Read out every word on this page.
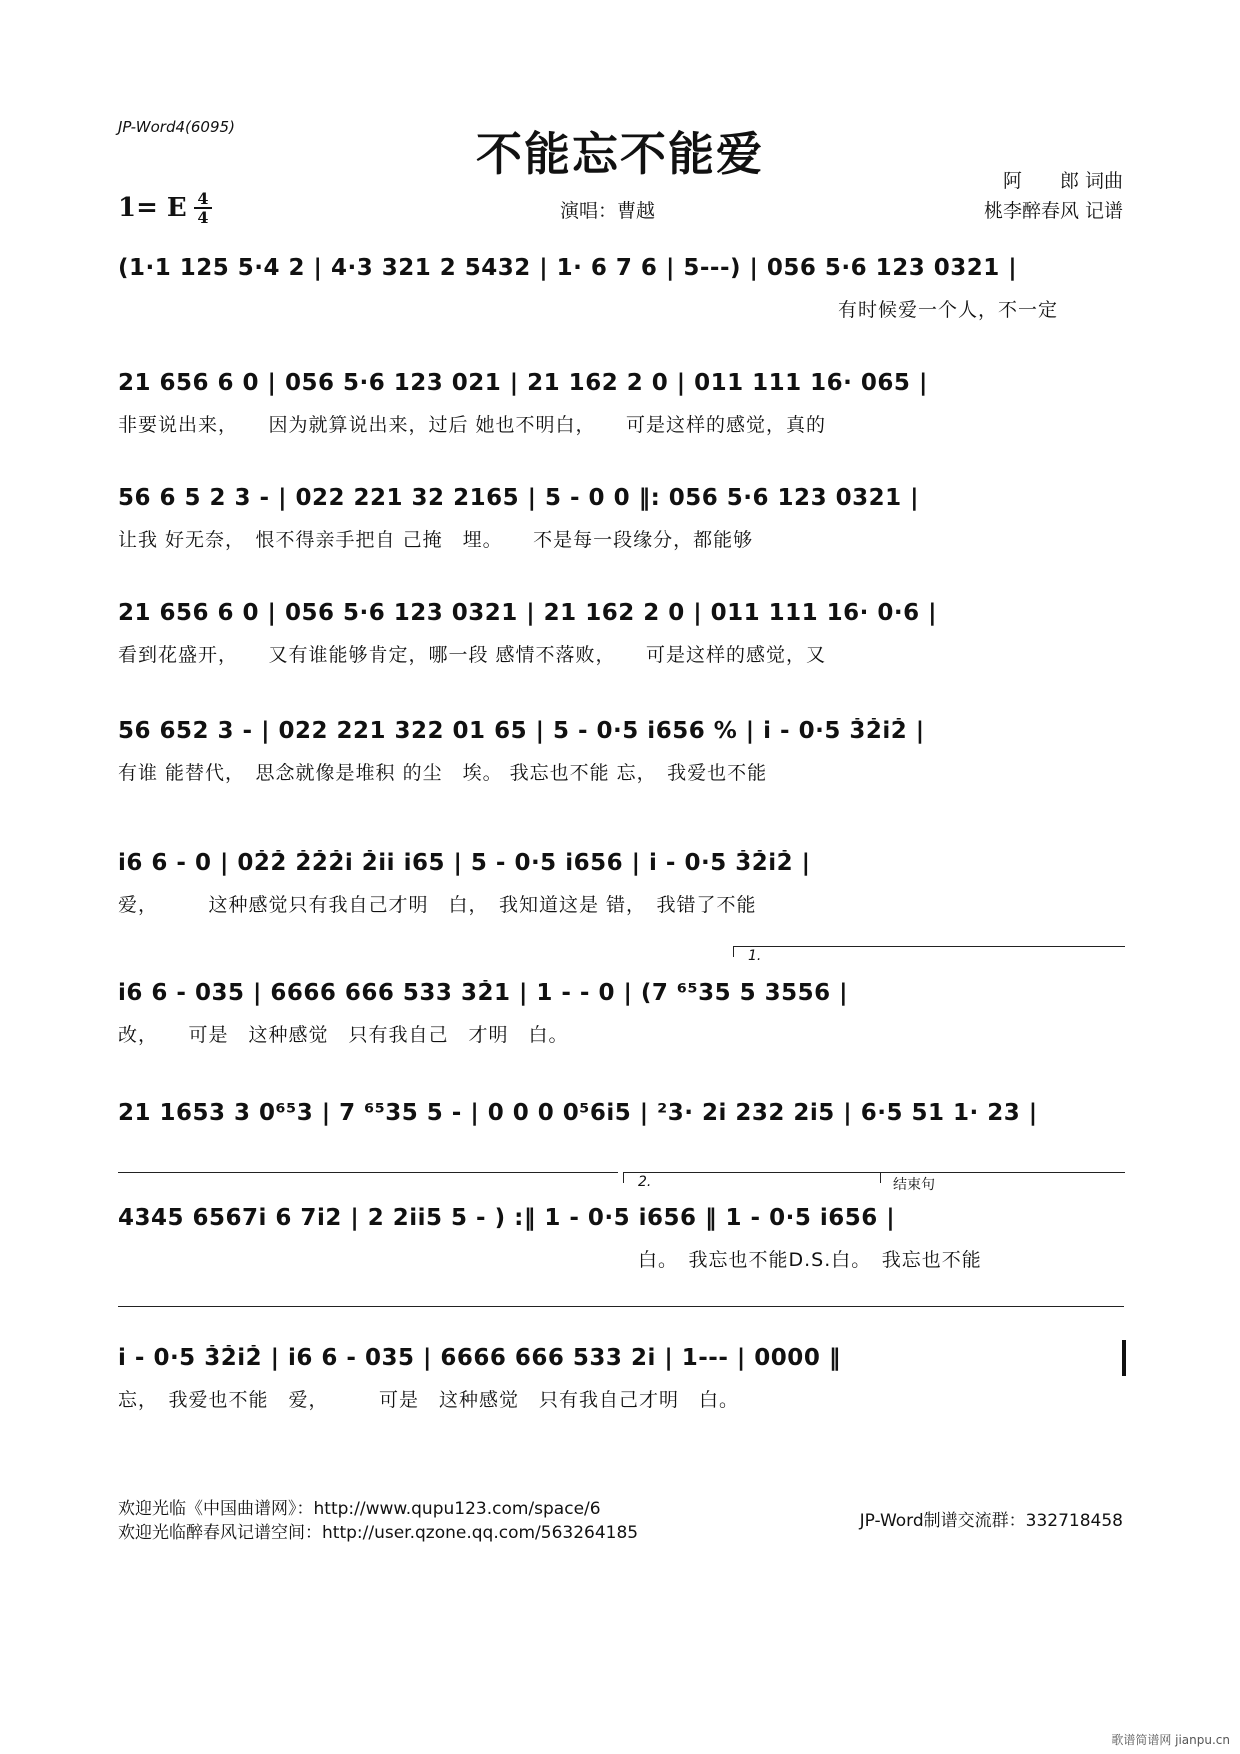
JP-Word4(6095)	不能忘不能爱
1= E 4
4	演唱：曹越
阿　　郎 词曲
桃李醉春风 记谱
(1·1 125 5·4 2 | 4·3 321 2 5432 | 1· 6 7 6 | 5---) | 056 5·6 123 0321 |
有时候爱一个人，不一定
21 656 6 0 | 056 5·6 123 021 | 21 162 2 0 | 011 111 16· 065 |
非要说出来，　　因为就算说出来，过后 她也不明白，　　可是这样的感觉，真的
56 6 5 2 3 - | 022 221 32 2165 | 5 - 0 0 ‖: 056 5·6 123 0321 |
让我 好无奈，　恨不得亲手把自 己掩　埋。　　不是每一段缘分，都能够
21 656 6 0 | 056 5·6 123 0321 | 21 162 2 0 | 011 111 16· 0·6 |
看到花盛开，　　又有谁能够肯定，哪一段 感情不落败，　　可是这样的感觉，又
56 652 3 - | 022 221 322 01 65 | 5 - 0·5 i656 % | i - 0·5 3̇2̇i2̇ |
有谁 能替代，　思念就像是堆积 的尘　埃。 我忘也不能 忘，　我爱也不能
i6 6 - 0 | 02̇2̇ 2̇2̇2̇i 2̇ii i65 | 5 - 0·5 i656 | i - 0·5 3̇2̇i2̇ |
爱，　　　这种感觉只有我自己才明　白，　我知道这是 错，　我错了不能
1.
i6 6 - 035 | 6666 666 533 32̇1 | 1 - - 0 | (7 ⁶⁵35 5 3556 |
改，　　可是　这种感觉　只有我自己　才明　白。
21 1653 3 0⁶⁵3 | 7 ⁶⁵35 5 - | 0 0 0 0⁵6i5 | ²3· 2i 232 2i5 | 6·5 51 1· 23 |
2.	结束句
4345 6567i 6 7i2 | 2 2ii5 5 - ) :‖ 1 - 0·5 i656 ‖ 1 - 0·5 i656 |
白。　我忘也不能D.S.白。　我忘也不能
i - 0·5 3̇2̇i2̇ | i6 6 - 035 | 6666 666 533 2i | 1--- | 0000 ‖
忘，　我爱也不能　爱，　　　可是　这种感觉　只有我自己才明　白。
欢迎光临《中国曲谱网》：http://www.qupu123.com/space/6
欢迎光临醉春风记谱空间：http://user.qzone.qq.com/563264185
JP-Word制谱交流群：332718458
歌谱简谱网 jianpu.cn
